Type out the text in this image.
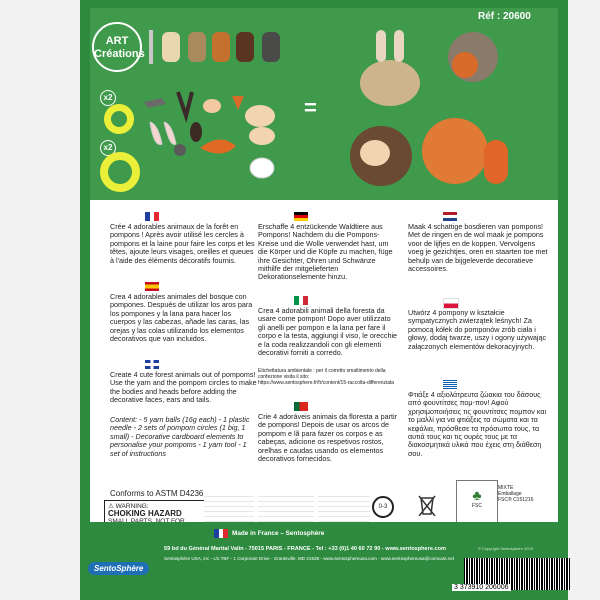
ART
Créations
Réf : 20600
x2
x2
=
Crée 4 adorables animaux de la forêt en pompons ! Après avoir utilisé les cercles à pompons et la laine pour faire les corps et les têtes, ajoute leurs visages, oreilles et queues à l'aide des éléments décoratifs fournis.
Crea 4 adorables animales del bosque con pompones. Después de utilizar los aros para los pompones y la lana para hacer los cuerpos y las cabezas, añade las caras, las orejas y las colas utilizando los elementos decorativos que van incluidos.
Create 4 cute forest animals out of pompoms! Use the yarn and the pompom circles to make the bodies and heads before adding the decorative faces, ears and tails.
Content: - 5 yarn balls (16g each) - 1 plastic needle - 2 sets of pompom circles (1 big, 1 small) - Decorative cardboard elements to personalise your pompoms - 1 yarn tool - 1 set of instructions
Erschaffe 4 entzückende Waldtiere aus Pompons! Nachdem du die Pompons-Kreise und die Wolle verwendet hast, um die Körper und die Köpfe zu machen, füge ihre Gesichter, Ohren und Schwänze mithilfe der mitgelieferten Dekorationselemente hinzu.
Crea 4 adorabili animali della foresta da usare come pompon! Dopo aver utilizzato gli anelli per pompon e la lana per fare il corpo e la testa, aggiungi il viso, le orecchie e la coda realizzandoli con gli elementi decorativi forniti a corredo.
Etichettatura ambientale : per il corretto smaltimento della confezione visita il sito: https://www.sentosphere.fr/fr/content/15-raccolta-differenziata
Crie 4 adoráveis animais da floresta a partir de pompons! Depois de usar os arcos de pompom e lã para fazer os corpos e as cabeças, adicione os respetivos rostos, orelhas e caudas usando os elementos decorativos fornecidos.
Maak 4 schattige bosdieren van pompons! Met de ringen en de wol maak je pompons voor de lijfjes en de koppen. Vervolgens voeg je gezichtjes, oren en staarten toe met behulp van de bijgeleverde decoratieve accessoires.
Utwórz 4 pompony w kształcie sympatycznych zwierzątek leśnych! Za pomocą kółek do pomponów zrób ciała i głowy, dodaj twarze, uszy i ogony używając załączonych elementów dekoracyjnych.
Φτιάξε 4 αξιολάτρευτα ζώακια του δάσους από φουντίτσες πομ-πον! Αφού χρησιμοποιήσεις τις φουντίτσες πομπον και το μαλλί για να φτιάξεις τα σώματα και τα κεφάλια, πρόσθεσε τα πρόσωπα τους, τα αυτιά τους και τις ουρές τους με τα διακοσμητικά υλικά που έχεις στη διάθεση σου.
Conforms to ASTM D4236
⚠ WARNING:
CHOKING HAZARD

0-3
♣
FSC
MIXTE
Emballage
FSC® C151216
Made in France – Sentosphère
59 bd du Général Martial Valin - 75015 PARIS - FRANCE - Tel : +33 (0)1 40 60 72 90 - www.sentosphere.com
Sentosphère USA, inc - c/o TBF - 1 Corporate Drive - Grantsville, MD 21536 - www.sentosphereusa.com - www.sentosphereusa@comcast.net
SentoSphère
© Copyright Sentosphère 2023
3 373910 206006
